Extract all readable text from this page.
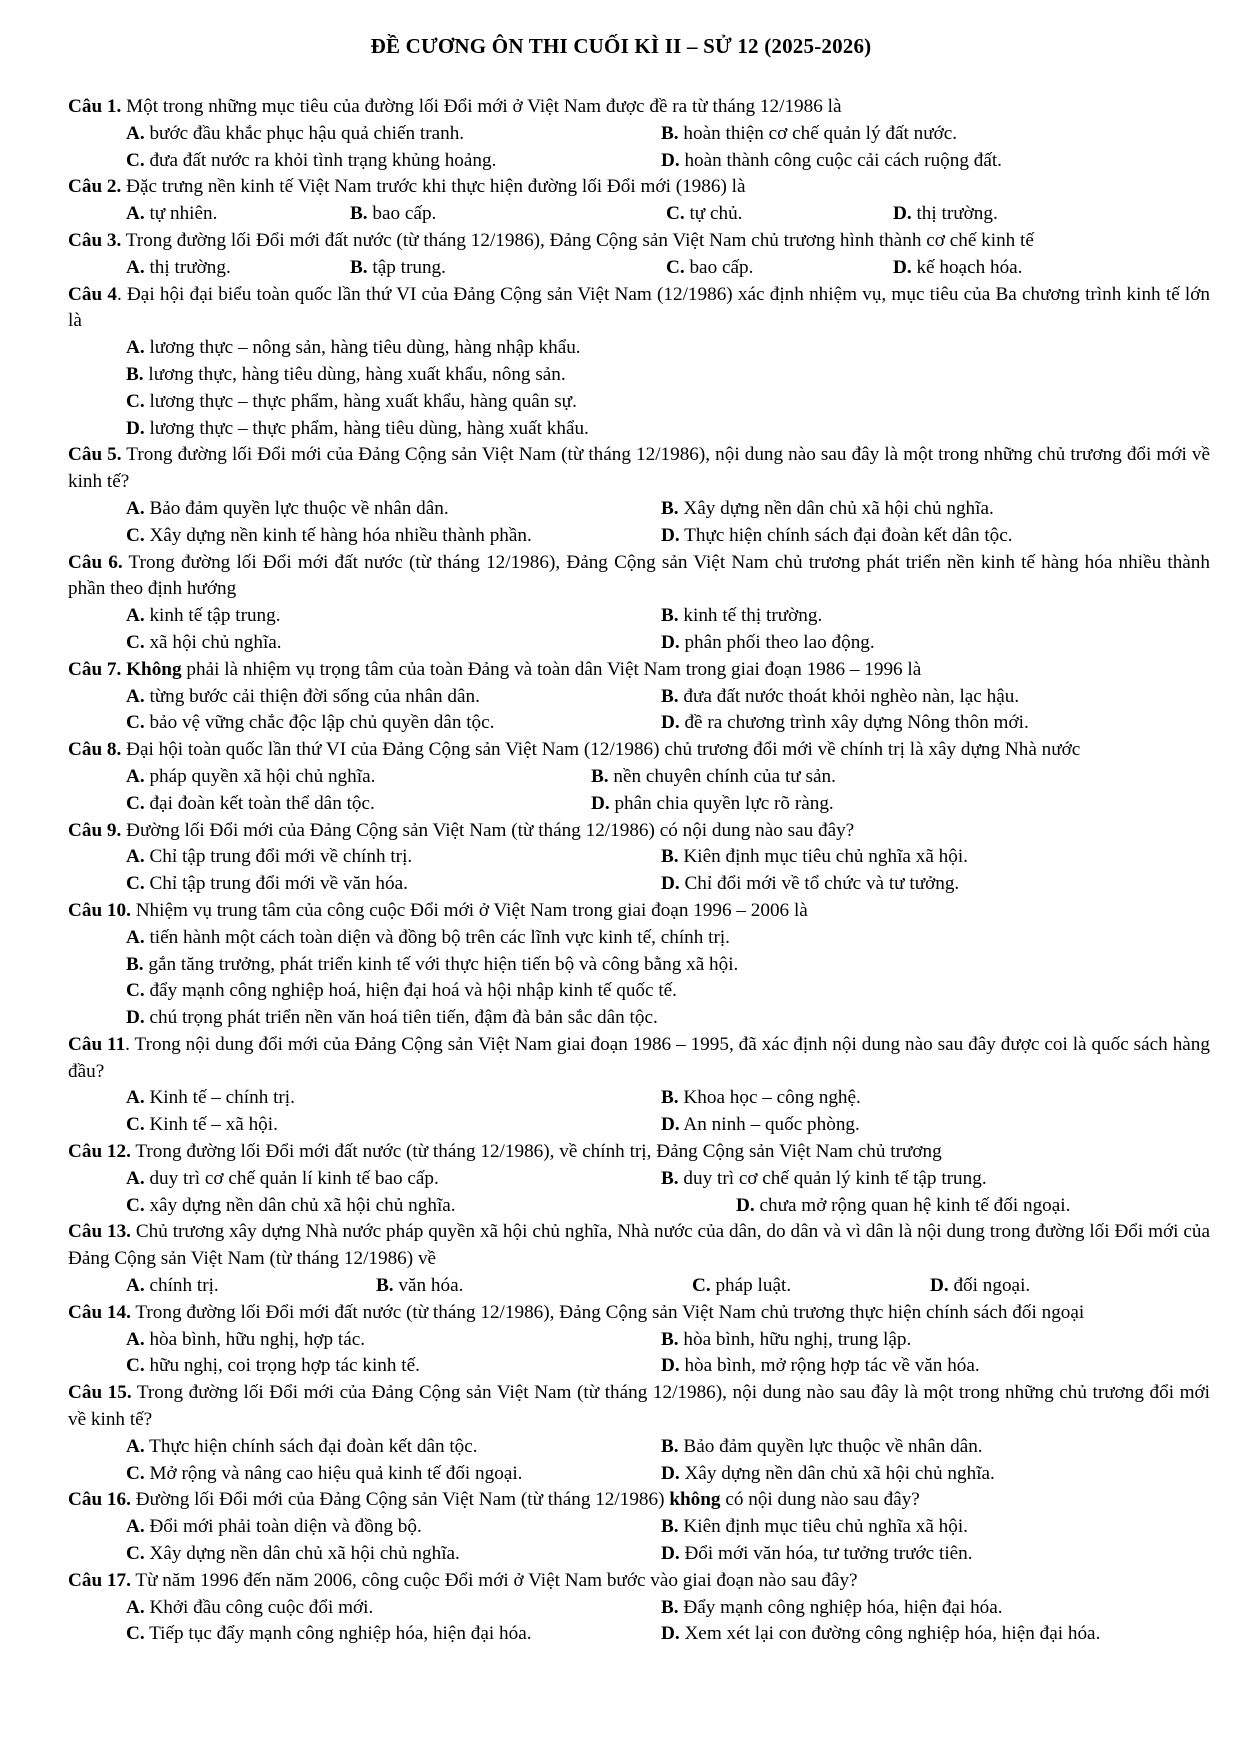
ĐỀ CƯƠNG ÔN THI CUỐI KÌ II – SỬ 12 (2025-2026)
Câu 1. Một trong những mục tiêu của đường lối Đổi mới ở Việt Nam được đề ra từ tháng 12/1986 là
A. bước đầu khắc phục hậu quả chiến tranh.	B. hoàn thiện cơ chế quản lý đất nước.
C. đưa đất nước ra khỏi tình trạng khủng hoảng.	D. hoàn thành công cuộc cải cách ruộng đất.
Câu 2. Đặc trưng nền kinh tế Việt Nam trước khi thực hiện đường lối Đổi mới (1986) là
A. tự nhiên.	B. bao cấp.	C. tự chủ.	D. thị trường.
Câu 3. Trong đường lối Đổi mới đất nước (từ tháng 12/1986), Đảng Cộng sản Việt Nam chủ trương hình thành cơ chế kinh tế
A. thị trường.	B. tập trung.	C. bao cấp.	D. kế hoạch hóa.
Câu 4. Đại hội đại biểu toàn quốc lần thứ VI của Đảng Cộng sản Việt Nam (12/1986) xác định nhiệm vụ, mục tiêu của Ba chương trình kinh tế lớn là
A. lương thực – nông sản, hàng tiêu dùng, hàng nhập khẩu.
B. lương thực, hàng tiêu dùng, hàng xuất khẩu, nông sản.
C. lương thực – thực phẩm, hàng xuất khẩu, hàng quân sự.
D. lương thực – thực phẩm, hàng tiêu dùng, hàng xuất khẩu.
Câu 5. Trong đường lối Đổi mới của Đảng Cộng sản Việt Nam (từ tháng 12/1986), nội dung nào sau đây là một trong những chủ trương đổi mới về kinh tế?
A. Bảo đảm quyền lực thuộc về nhân dân.	B. Xây dựng nền dân chủ xã hội chủ nghĩa.
C. Xây dựng nền kinh tế hàng hóa nhiều thành phần.	D. Thực hiện chính sách đại đoàn kết dân tộc.
Câu 6. Trong đường lối Đổi mới đất nước (từ tháng 12/1986), Đảng Cộng sản Việt Nam chủ trương phát triển nền kinh tế hàng hóa nhiều thành phần theo định hướng
A. kinh tế tập trung.	B. kinh tế thị trường.
C. xã hội chủ nghĩa.	D. phân phối theo lao động.
Câu 7. Không phải là nhiệm vụ trọng tâm của toàn Đảng và toàn dân Việt Nam trong giai đoạn 1986 – 1996 là
A. từng bước cải thiện đời sống của nhân dân.	B. đưa đất nước thoát khỏi nghèo nàn, lạc hậu.
C. bảo vệ vững chắc độc lập chủ quyền dân tộc.	D. đề ra chương trình xây dựng Nông thôn mới.
Câu 8. Đại hội toàn quốc lần thứ VI của Đảng Cộng sản Việt Nam (12/1986) chủ trương đổi mới về chính trị là xây dựng Nhà nước
A. pháp quyền xã hội chủ nghĩa.	B. nền chuyên chính của tư sản.
C. đại đoàn kết toàn thể dân tộc.	D. phân chia quyền lực rõ ràng.
Câu 9. Đường lối Đổi mới của Đảng Cộng sản Việt Nam (từ tháng 12/1986) có nội dung nào sau đây?
A. Chỉ tập trung đổi mới về chính trị.	B. Kiên định mục tiêu chủ nghĩa xã hội.
C. Chỉ tập trung đổi mới về văn hóa.	D. Chỉ đổi mới về tổ chức và tư tưởng.
Câu 10. Nhiệm vụ trung tâm của công cuộc Đổi mới ở Việt Nam trong giai đoạn 1996 – 2006 là
A. tiến hành một cách toàn diện và đồng bộ trên các lĩnh vực kinh tế, chính trị.
B. gắn tăng trưởng, phát triển kinh tế với thực hiện tiến bộ và công bằng xã hội.
C. đẩy mạnh công nghiệp hoá, hiện đại hoá và hội nhập kinh tế quốc tế.
D. chú trọng phát triển nền văn hoá tiên tiến, đậm đà bản sắc dân tộc.
Câu 11. Trong nội dung đổi mới của Đảng Cộng sản Việt Nam giai đoạn 1986 – 1995, đã xác định nội dung nào sau đây được coi là quốc sách hàng đầu?
A. Kinh tế – chính trị.	B. Khoa học – công nghệ.
C. Kinh tế – xã hội.	D. An ninh – quốc phòng.
Câu 12. Trong đường lối Đổi mới đất nước (từ tháng 12/1986), về chính trị, Đảng Cộng sản Việt Nam chủ trương
A. duy trì cơ chế quản lí kinh tế bao cấp.	B. duy trì cơ chế quản lý kinh tế tập trung.
C. xây dựng nền dân chủ xã hội chủ nghĩa.	D. chưa mở rộng quan hệ kinh tế đối ngoại.
Câu 13. Chủ trương xây dựng Nhà nước pháp quyền xã hội chủ nghĩa, Nhà nước của dân, do dân và vì dân là nội dung trong đường lối Đổi mới của Đảng Cộng sản Việt Nam (từ tháng 12/1986) về
A. chính trị.	B. văn hóa.	C. pháp luật.	D. đối ngoại.
Câu 14. Trong đường lối Đổi mới đất nước (từ tháng 12/1986), Đảng Cộng sản Việt Nam chủ trương thực hiện chính sách đối ngoại
A. hòa bình, hữu nghị, hợp tác.	B. hòa bình, hữu nghị, trung lập.
C. hữu nghị, coi trọng hợp tác kinh tế.	D. hòa bình, mở rộng hợp tác về văn hóa.
Câu 15. Trong đường lối Đổi mới của Đảng Cộng sản Việt Nam (từ tháng 12/1986), nội dung nào sau đây là một trong những chủ trương đổi mới về kinh tế?
A. Thực hiện chính sách đại đoàn kết dân tộc.	B. Bảo đảm quyền lực thuộc về nhân dân.
C. Mở rộng và nâng cao hiệu quả kinh tế đối ngoại.	D. Xây dựng nền dân chủ xã hội chủ nghĩa.
Câu 16. Đường lối Đổi mới của Đảng Cộng sản Việt Nam (từ tháng 12/1986) không có nội dung nào sau đây?
A. Đổi mới phải toàn diện và đồng bộ.	B. Kiên định mục tiêu chủ nghĩa xã hội.
C. Xây dựng nền dân chủ xã hội chủ nghĩa.	D. Đổi mới văn hóa, tư tưởng trước tiên.
Câu 17. Từ năm 1996 đến năm 2006, công cuộc Đổi mới ở Việt Nam bước vào giai đoạn nào sau đây?
A. Khởi đầu công cuộc đổi mới.	B. Đẩy mạnh công nghiệp hóa, hiện đại hóa.
C. Tiếp tục đẩy mạnh công nghiệp hóa, hiện đại hóa.	D. Xem xét lại con đường công nghiệp hóa, hiện đại hóa.
